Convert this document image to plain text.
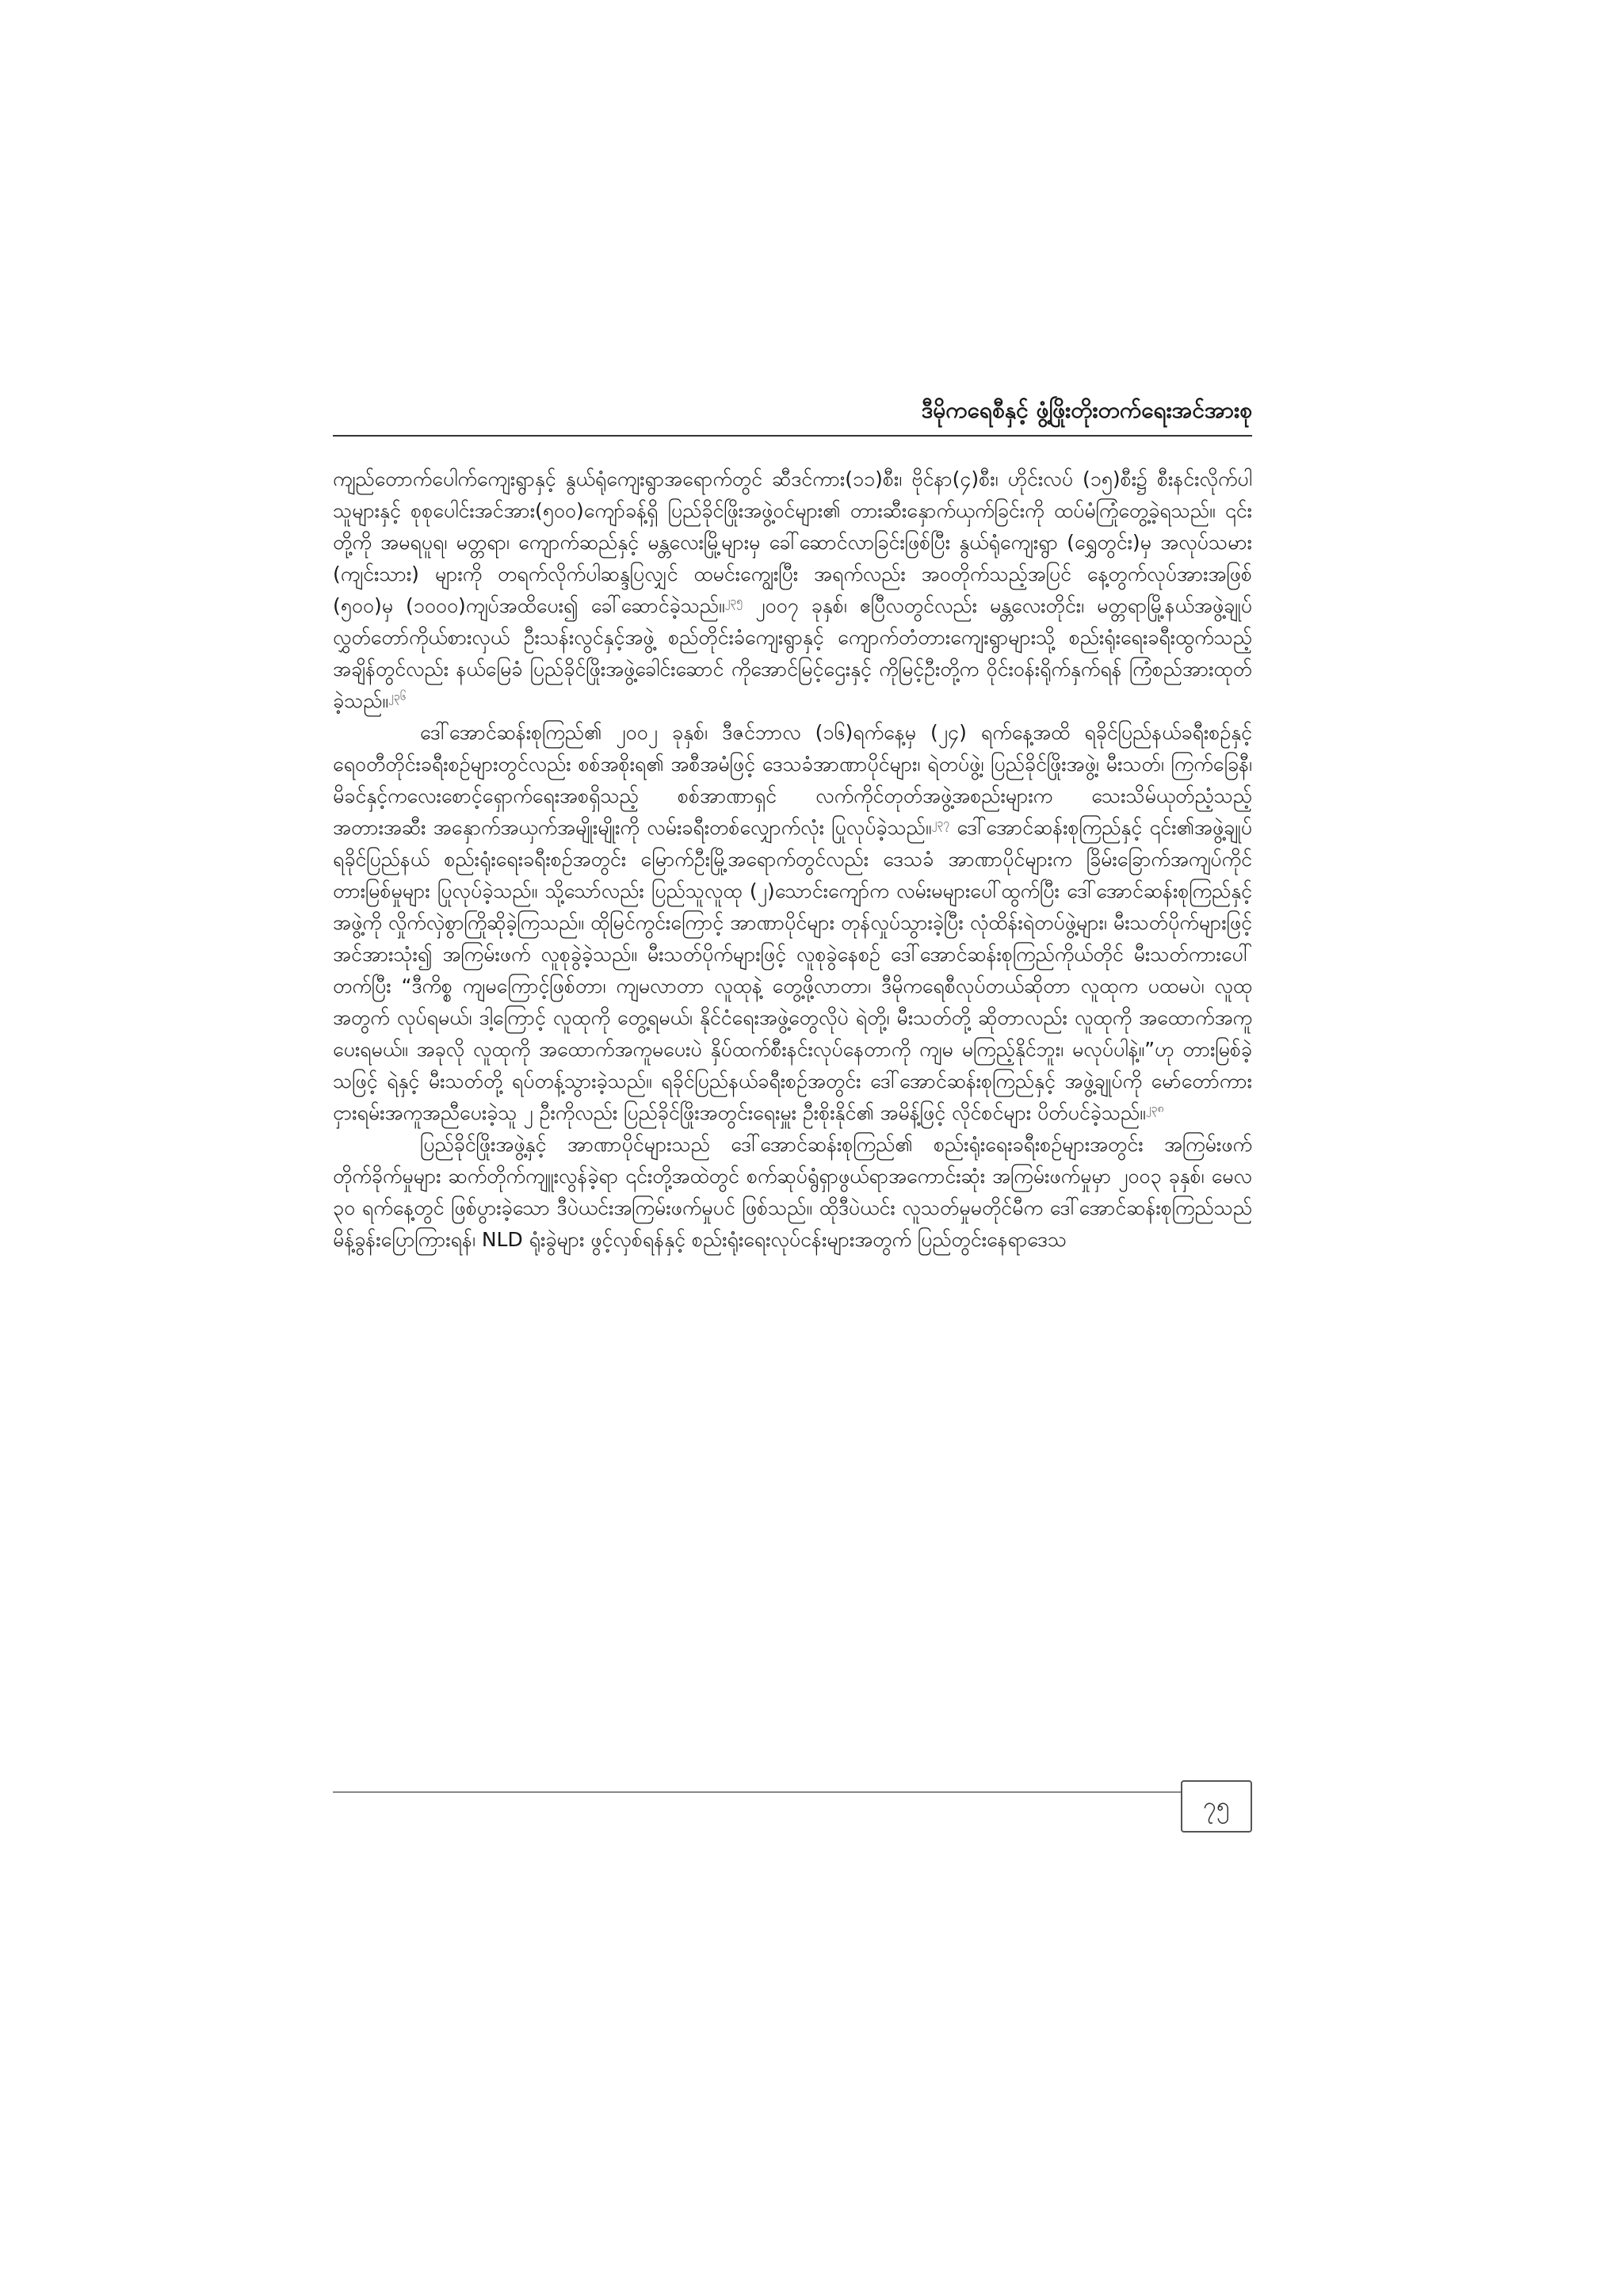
ဒီမိုကရေစီနှင့် ဖွံ့ဖြိုးတိုးတက်ရေးအင်အားစု

ကျည်တောက်ပေါက်ကျေးရွာနှင့် နွယ်ရုံကျေးရွာအရောက်တွင် ဆီဒင်ကား(၁၁)စီး၊ ဗိုင်နာ(၄)စီး၊ ဟိုင်းလပ် (၁၅)စီး၌ စီးနင်းလိုက်ပါသူများနှင့် စုစုပေါင်းအင်အား(၅၀၀)ကျော်ခန့်ရှိ ပြည်ခိုင်ဖြိုးအဖွဲ့ဝင်များ၏ တားဆီးနှောက်ယှက်ခြင်းကို ထပ်မံကြုံတွေ့ခဲ့ရသည်။ ၎င်းတို့ကို အမရပူရ၊ မတ္တရာ၊ ကျောက်ဆည်နှင့် မန္တလေးမြို့များမှ ခေါ်ဆောင်လာခြင်းဖြစ်ပြီး နွယ်ရုံကျေးရွာ (ရွှေတွင်း)မှ အလုပ်သမား (ကျင်းသား) များကို တရက်လိုက်ပါဆန္ဒပြလျှင် ထမင်းကျွေးပြီး အရက်လည်း အဝတိုက်သည့်အပြင် နေ့တွက်လုပ်အားအဖြစ် (၅၀၀)မှ (၁၀၀၀)ကျပ်အထိပေး၍ ခေါ်ဆောင်ခဲ့သည်။$^{၂၃၅}$ ၂၀၀၇ ခုနှစ်၊ ဧပြီလတွင်လည်း မန္တလေးတိုင်း၊ မတ္တရာမြို့နယ်အဖွဲ့ချုပ် လွှတ်တော်ကိုယ်စားလှယ် ဦးသန်းလွင်နှင့်အဖွဲ့ စည်တိုင်းခံကျေးရွာနှင့် ကျောက်တံတားကျေးရွာများသို့ စည်းရုံးရေးခရီးထွက်သည့်အချိန်တွင်လည်း နယ်မြေခံ ပြည်ခိုင်ဖြိုးအဖွဲ့ခေါင်းဆောင် ကိုအောင်မြင့်ဌေးနှင့် ကိုမြင့်ဦးတို့က ဝိုင်းဝန်းရိုက်နှက်ရန် ကြံစည်အားထုတ်ခဲ့သည်။$^{၂၃၆}$

ဒေါ်အောင်ဆန်းစုကြည်၏ ၂၀၀၂ ခုနှစ်၊ ဒီဇင်ဘာလ (၁၆)ရက်နေ့မှ (၂၄) ရက်နေ့အထိ ရခိုင်ပြည်နယ်ခရီးစဉ်နှင့် ရေဝတီတိုင်းခရီးစဉ်များတွင်လည်း စစ်အစိုးရ၏ အစီအမံဖြင့် ဒေသခံအာဏာပိုင်များ၊ ရဲတပ်ဖွဲ့၊ ပြည်ခိုင်ဖြိုးအဖွဲ့၊ မီးသတ်၊ ကြက်ခြေနီ၊ မိခင်နှင့်ကလေးစောင့်ရှောက်ရေးအစရှိသည့် စစ်အာဏာရှင် လက်ကိုင်တုတ်အဖွဲ့အစည်းများက သေးသိမ်ယုတ်ညံ့သည့် အတားအဆီး အနှောက်အယှက်အမျိုးမျိုးကို လမ်းခရီးတစ်လျှောက်လုံး ပြုလုပ်ခဲ့သည်။$^{၂၃၇}$ ဒေါ်အောင်ဆန်းစုကြည်နှင့် ၎င်း၏အဖွဲ့ချုပ် ရခိုင်ပြည်နယ် စည်းရုံးရေးခရီးစဉ်အတွင်း မြောက်ဦးမြို့အရောက်တွင်လည်း ဒေသခံ အာဏာပိုင်များက ခြိမ်းခြောက်အကျပ်ကိုင် တားမြစ်မှုများ ပြုလုပ်ခဲ့သည်။ သို့သော်လည်း ပြည်သူလူထု (၂)သောင်းကျော်က လမ်းမများပေါ်ထွက်ပြီး ဒေါ်အောင်ဆန်းစုကြည်နှင့်အဖွဲ့ကို လှိုက်လှဲစွာကြိုဆိုခဲ့ကြသည်။ ထိုမြင်ကွင်းကြောင့် အာဏာပိုင်များ တုန်လှုပ်သွားခဲ့ပြီး လုံထိန်းရဲတပ်ဖွဲ့များ၊ မီးသတ်ပိုက်များဖြင့် အင်အားသုံး၍ အကြမ်းဖက် လူစုခွဲခဲ့သည်။ မီးသတ်ပိုက်များဖြင့် လူစုခွဲနေစဉ် ဒေါ်အောင်ဆန်းစုကြည်ကိုယ်တိုင် မီးသတ်ကားပေါ်တက်ပြီး “ဒီကိစ္စ ကျမကြောင့်ဖြစ်တာ၊ ကျမလာတာ လူထုနဲ့ တွေ့ဖို့လာတာ၊ ဒီမိုကရေစီလုပ်တယ်ဆိုတာ လူထုက ပထမပဲ၊ လူထုအတွက် လုပ်ရမယ်၊ ဒါ့ကြောင့် လူထုကို တွေ့ရမယ်၊ နိုင်ငံရေးအဖွဲ့တွေလိုပဲ ရဲတို့၊ မီးသတ်တို့ ဆိုတာလည်း လူထုကို အထောက်အကူပေးရမယ်။ အခုလို လူထုကို အထောက်အကူမပေးပဲ နှိပ်ထက်စီးနင်းလုပ်နေတာကို ကျမ မကြည့်နိုင်ဘူး၊ မလုပ်ပါနဲ့။”ဟု တားမြစ်ခဲ့သဖြင့် ရဲနှင့် မီးသတ်တို့ ရပ်တန့်သွားခဲ့သည်။ ရခိုင်ပြည်နယ်ခရီးစဉ်အတွင်း ဒေါ်အောင်ဆန်းစုကြည်နှင့် အဖွဲ့ချုပ်ကို မော်တော်ကား ငှားရမ်းအကူအညီပေးခဲ့သူ ၂ ဦးကိုလည်း ပြည်ခိုင်ဖြိုးအတွင်းရေးမှူး ဦးစိုးနိုင်၏ အမိန့်ဖြင့် လိုင်စင်များ ပိတ်ပင်ခဲ့သည်။$^{၂၃၈}$

ပြည်ခိုင်ဖြိုးအဖွဲ့နှင့် အာဏာပိုင်များသည် ဒေါ်အောင်ဆန်းစုကြည်၏ စည်းရုံးရေးခရီးစဉ်များအတွင်း အကြမ်းဖက်တိုက်ခိုက်မှုများ ဆက်တိုက်ကျူးလွန်ခဲ့ရာ ၎င်းတို့အထဲတွင် စက်ဆုပ်ရွံရှာဖွယ်ရာအကောင်းဆုံး အကြမ်းဖက်မှုမှာ ၂၀၀၃ ခုနှစ်၊ မေလ ၃၀ ရက်နေ့တွင် ဖြစ်ပွားခဲ့သော ဒီပဲယင်းအကြမ်းဖက်မှုပင် ဖြစ်သည်။ ထိုဒီပဲယင်း လူသတ်မှုမတိုင်မီက ဒေါ်အောင်ဆန်းစုကြည်သည် မိန့်ခွန်းပြောကြားရန်၊ NLD ရုံးခွဲများ ဖွင့်လှစ်ရန်နှင့် စည်းရုံးရေးလုပ်ငန်းများအတွက် ပြည်တွင်းနေရာဒေသ

၇၅
